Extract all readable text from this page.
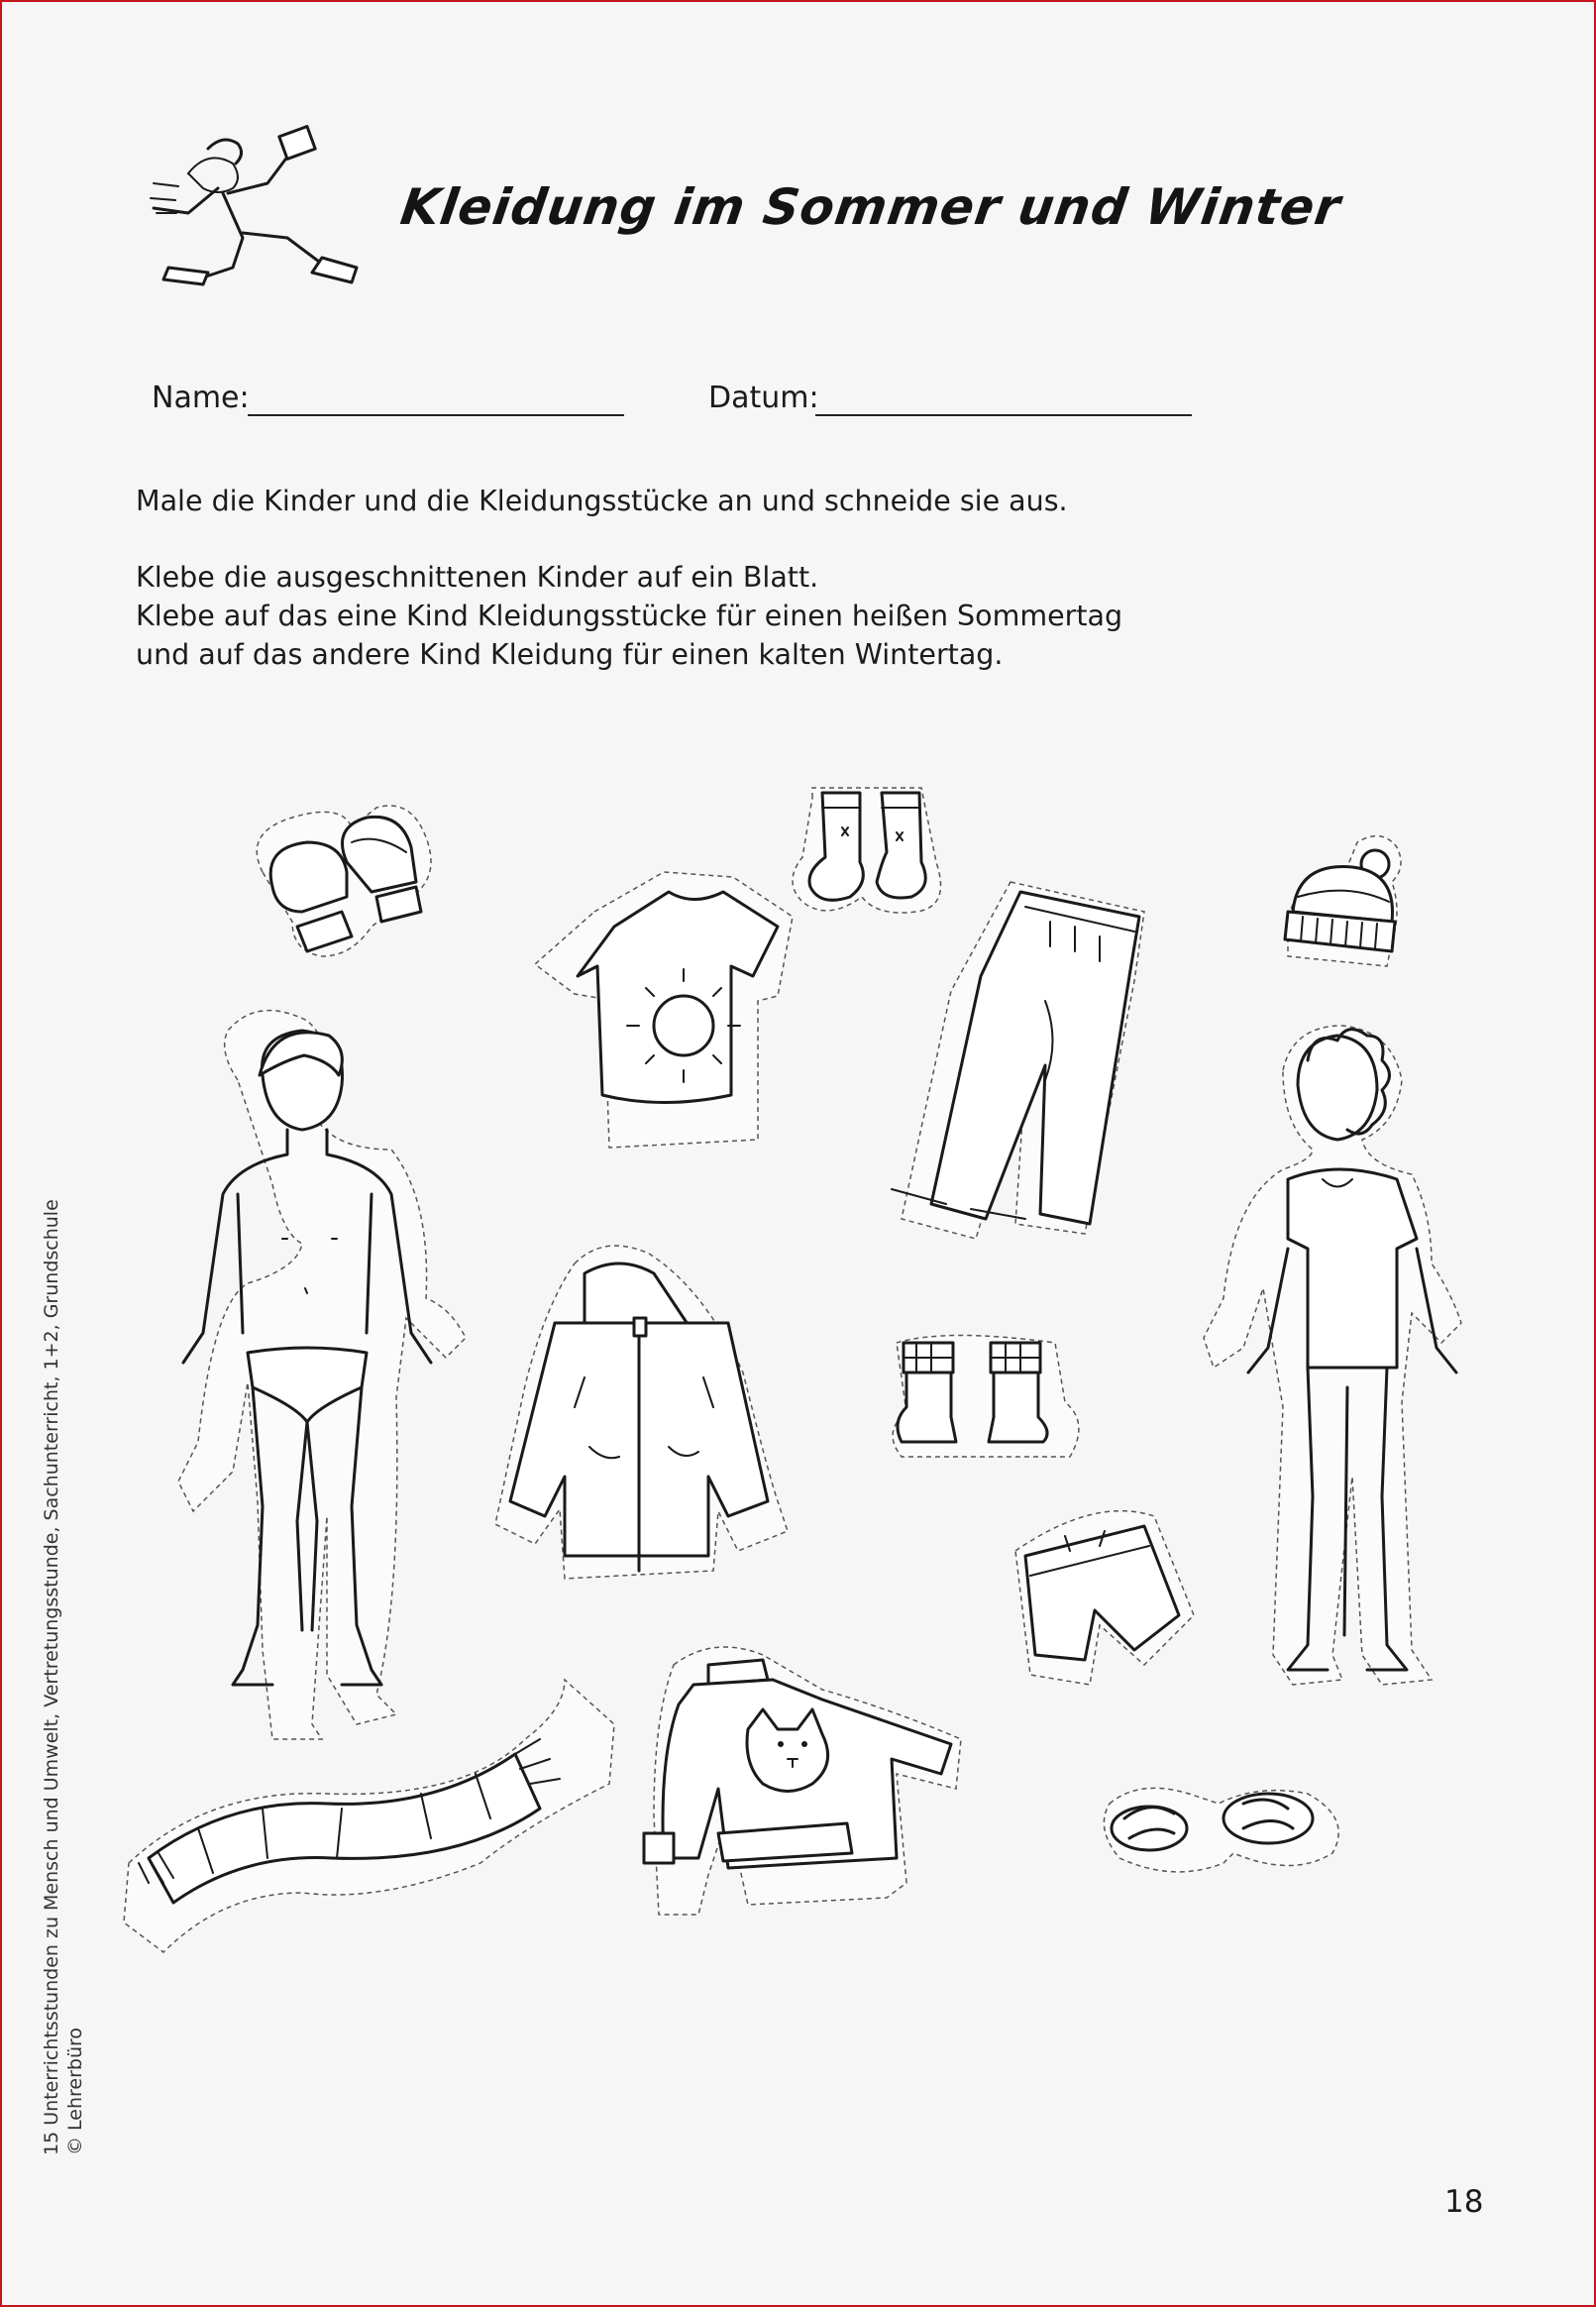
Kleidung im Sommer und Winter
Name:	Datum:
Male die Kinder und die Kleidungsstücke an und schneide sie aus.
Klebe die ausgeschnittenen Kinder auf ein Blatt.
Klebe auf das eine Kind Kleidungsstücke für einen heißen Sommertag
und auf das andere Kind Kleidung für einen kalten Wintertag.
15 Unterrichtsstunden zu Mensch und Umwelt, Vertretungsstunde, Sachunterricht, 1+2, Grundschule © Lehrerbüro
18
